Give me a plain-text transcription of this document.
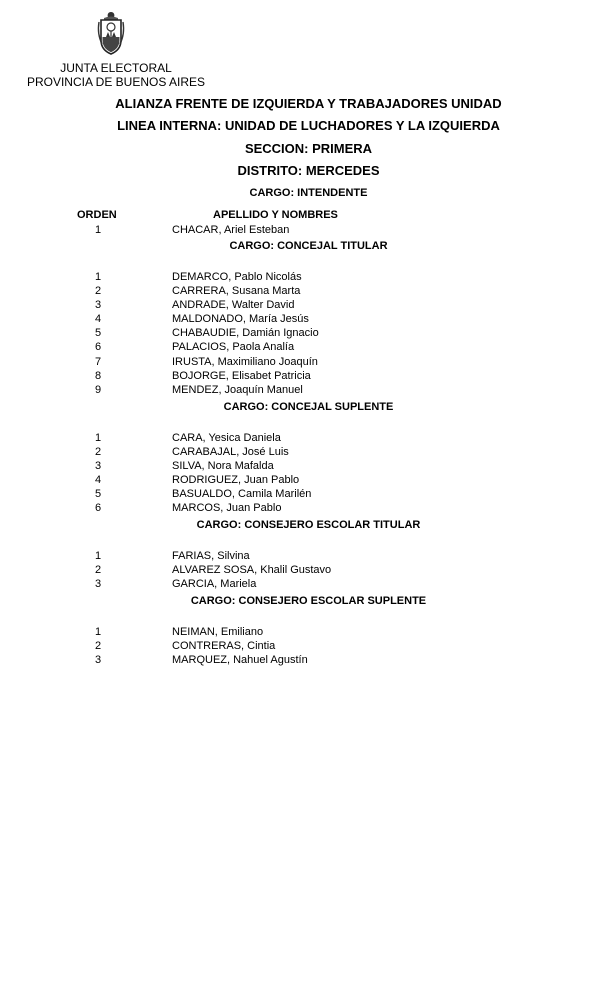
JUNTA ELECTORAL
PROVINCIA DE BUENOS AIRES
ALIANZA FRENTE DE IZQUIERDA Y TRABAJADORES UNIDAD
LINEA INTERNA: UNIDAD DE LUCHADORES Y LA IZQUIERDA
SECCION: PRIMERA
DISTRITO: MERCEDES
CARGO: INTENDENTE
ORDEN	APELLIDO Y NOMBRES
1	CHACAR, Ariel Esteban
CARGO: CONCEJAL TITULAR
1	DEMARCO, Pablo Nicolás
2	CARRERA, Susana Marta
3	ANDRADE, Walter David
4	MALDONADO, María Jesús
5	CHABAUDIE, Damián Ignacio
6	PALACIOS, Paola Analía
7	IRUSTA, Maximiliano Joaquín
8	BOJORGE, Elisabet Patricia
9	MENDEZ, Joaquín Manuel
CARGO: CONCEJAL SUPLENTE
1	CARA, Yesica Daniela
2	CARABAJAL, José Luis
3	SILVA, Nora Mafalda
4	RODRIGUEZ, Juan Pablo
5	BASUALDO, Camila Marilén
6	MARCOS, Juan Pablo
CARGO: CONSEJERO ESCOLAR TITULAR
1	FARIAS, Silvina
2	ALVAREZ SOSA, Khalil Gustavo
3	GARCIA, Mariela
CARGO: CONSEJERO ESCOLAR SUPLENTE
1	NEIMAN, Emiliano
2	CONTRERAS, Cintia
3	MARQUEZ, Nahuel Agustín
